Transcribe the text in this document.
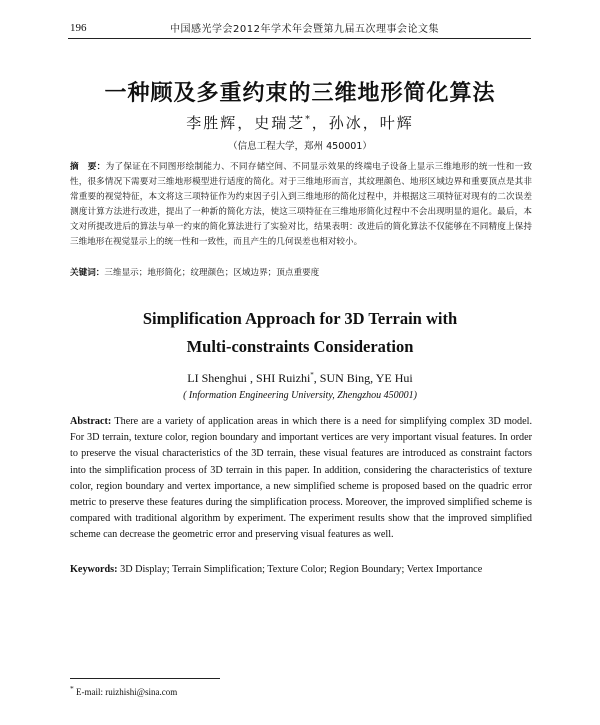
196	中国感光学会2012年学术年会暨第九届五次理事会论文集
一种顾及多重约束的三维地形简化算法
李胜辉，史瑞芝*，孙冰，叶辉
（信息工程大学，郑州 450001）
摘　要：为了保证在不同图形绘制能力、不同存储空间、不同显示效果的终端电子设备上显示三维地形的统一性和一致性，很多情况下需要对三维地形模型进行适度的简化。对于三维地形而言，其纹理颜色、地形区域边界和重要顶点是其非常重要的视觉特征，本文将这三项特征作为约束因子引入到三维地形的简化过程中，并根据这三项特征对现有的二次误差测度计算方法进行改进，提出了一种新的简化方法，使这三项特征在三维地形简化过程中不会出现明显的退化。最后，本文对所提改进后的算法与单一约束的简化算法进行了实验对比，结果表明：改进后的简化算法不仅能够在不同精度上保持三维地形在视觉显示上的统一性和一致性，而且产生的几何误差也相对较小。
关键词：三维显示；地形简化；纹理颜色；区域边界；顶点重要度
Simplification Approach for 3D Terrain with
Multi-constraints Consideration
LI Shenghui , SHI Ruizhi*, SUN Bing, YE Hui
( Information Engineering University, Zhengzhou 450001)
Abstract: There are a variety of application areas in which there is a need for simplifying complex 3D model. For 3D terrain, texture color, region boundary and important vertices are very important visual features. In order to preserve the visual characteristics of the 3D terrain, these visual features are introduced as constraint factors into the simplification process of 3D terrain in this paper. In addition, considering the characteristics of texture color, region boundary and vertex importance, a new simplified scheme is proposed based on the quadric error metric to preserve these features during the simplification process. Moreover, the improved simplified scheme is compared with traditional algorithm by experiment. The experiment results show that the improved simplified scheme can decrease the geometric error and preserving visual features as well.
Keywords: 3D Display; Terrain Simplification; Texture Color; Region Boundary; Vertex Importance
* E-mail: ruizhishi@sina.com
